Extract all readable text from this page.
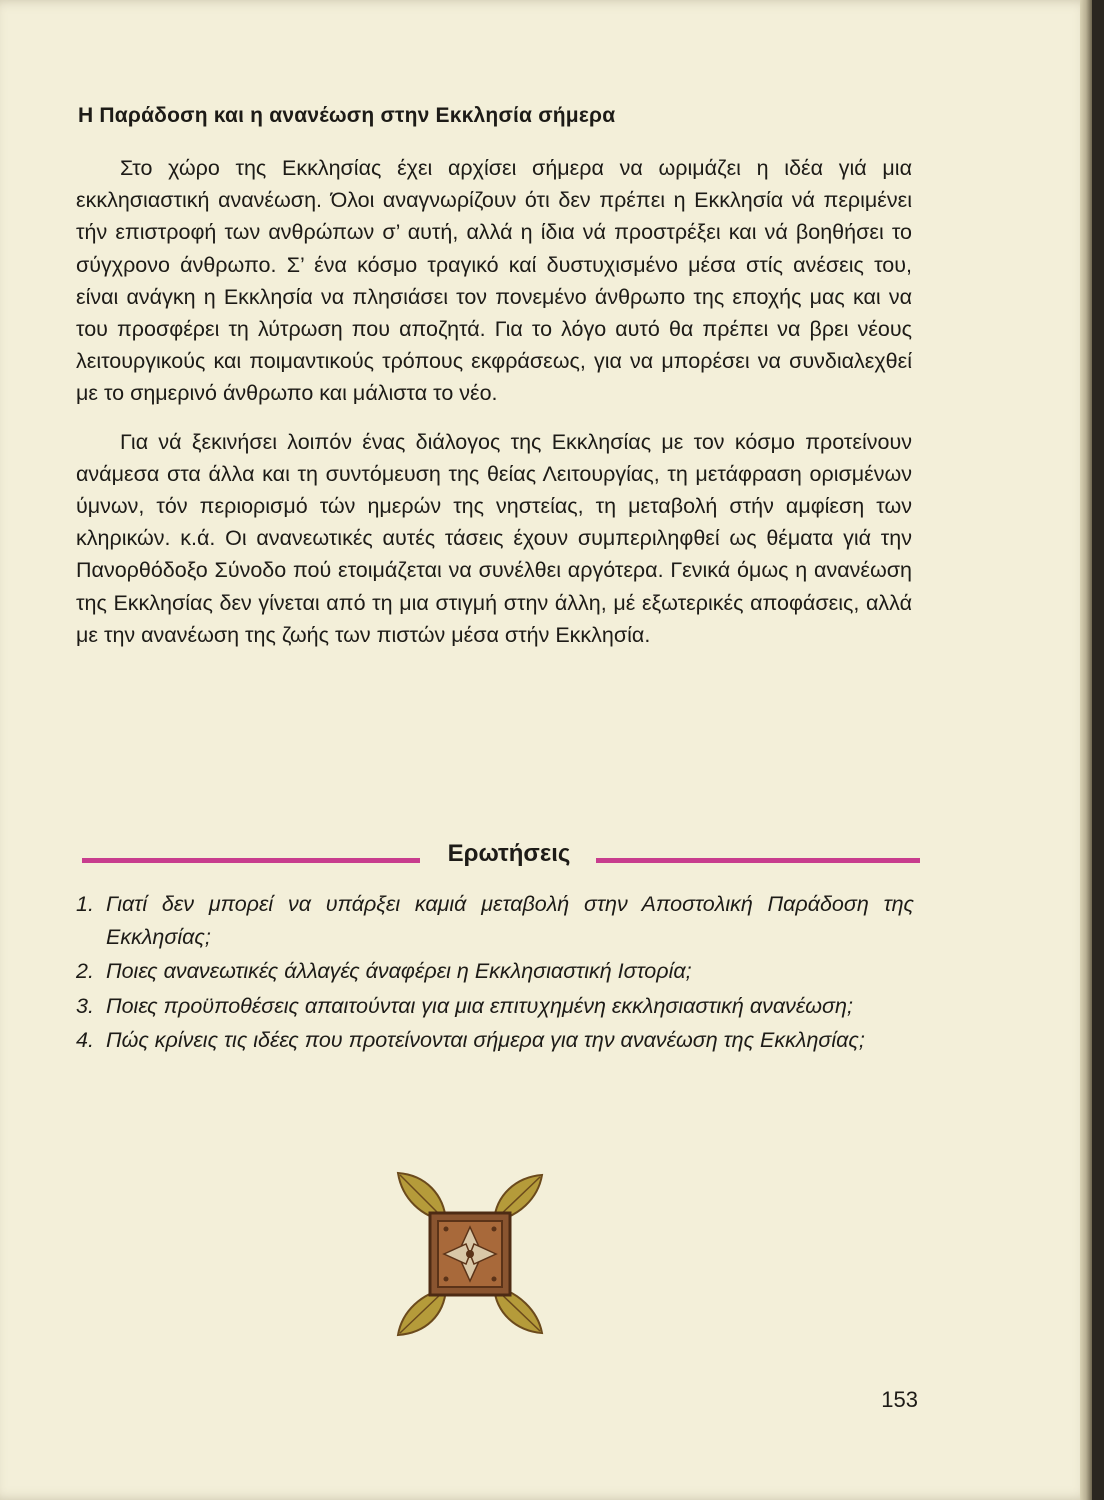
Η Παράδοση και η ανανέωση στην Εκκλησία σήμερα

Στο χώρο της Εκκλησίας έχει αρχίσει σήμερα να ωριμάζει η ιδέα γιά μια εκκλησιαστική ανανέωση. Όλοι αναγνωρίζουν ότι δεν πρέπει η Εκκλησία νά περιμένει τήν επιστροφή των ανθρώπων σ’ αυτή, αλλά η ίδια νά προστρέξει και νά βοηθήσει το σύγχρονο άνθρωπο. Σ’ ένα κόσμο τραγικό καί δυστυχισμένο μέσα στίς ανέσεις του, είναι ανάγκη η Εκκλησία να πλησιάσει τον πονεμένο άνθρωπο της εποχής μας και να του προσφέρει τη λύτρωση που αποζητά. Για το λόγο αυτό θα πρέπει να βρει νέους λειτουργικούς και ποιμαντικούς τρόπους εκφράσεως, για να μπορέσει να συνδιαλεχθεί με το σημερινό άνθρωπο και μάλιστα το νέο.

Για νά ξεκινήσει λοιπόν ένας διάλογος της Εκκλησίας με τον κόσμο προτείνουν ανάμεσα στα άλλα και τη συντόμευση της θείας Λειτουργίας, τη μετάφραση ορισμένων ύμνων, τόν περιορισμό τών ημερών της νηστείας, τη μεταβολή στήν αμφίεση των κληρικών. κ.ά. Οι ανανεωτικές αυτές τάσεις έχουν συμπεριληφθεί ως θέματα γιά την Πανορθόδοξο Σύνοδο πού ετοιμάζεται να συνέλθει αργότερα. Γενικά όμως η ανανέωση της Εκκλησίας δεν γίνεται από τη μια στιγμή στην άλλη, μέ εξωτερικές αποφάσεις, αλλά με την ανανέωση της ζωής των πιστών μέσα στήν Εκκλησία.

Ερωτήσεις
1. Γιατί δεν μπορεί να υπάρξει καμιά μεταβολή στην Αποστολική Παράδοση της Εκκλησίας;
2. Ποιες ανανεωτικές άλλαγές άναφέρει η Εκκλησιαστική Ιστορία;
3. Ποιες προϋποθέσεις απαιτούνται για μια επιτυχημένη εκκλησιαστική ανανέωση;
4. Πώς κρίνεις τις ιδέες που προτείνονται σήμερα για την ανανέωση της Εκκλησίας;
153
